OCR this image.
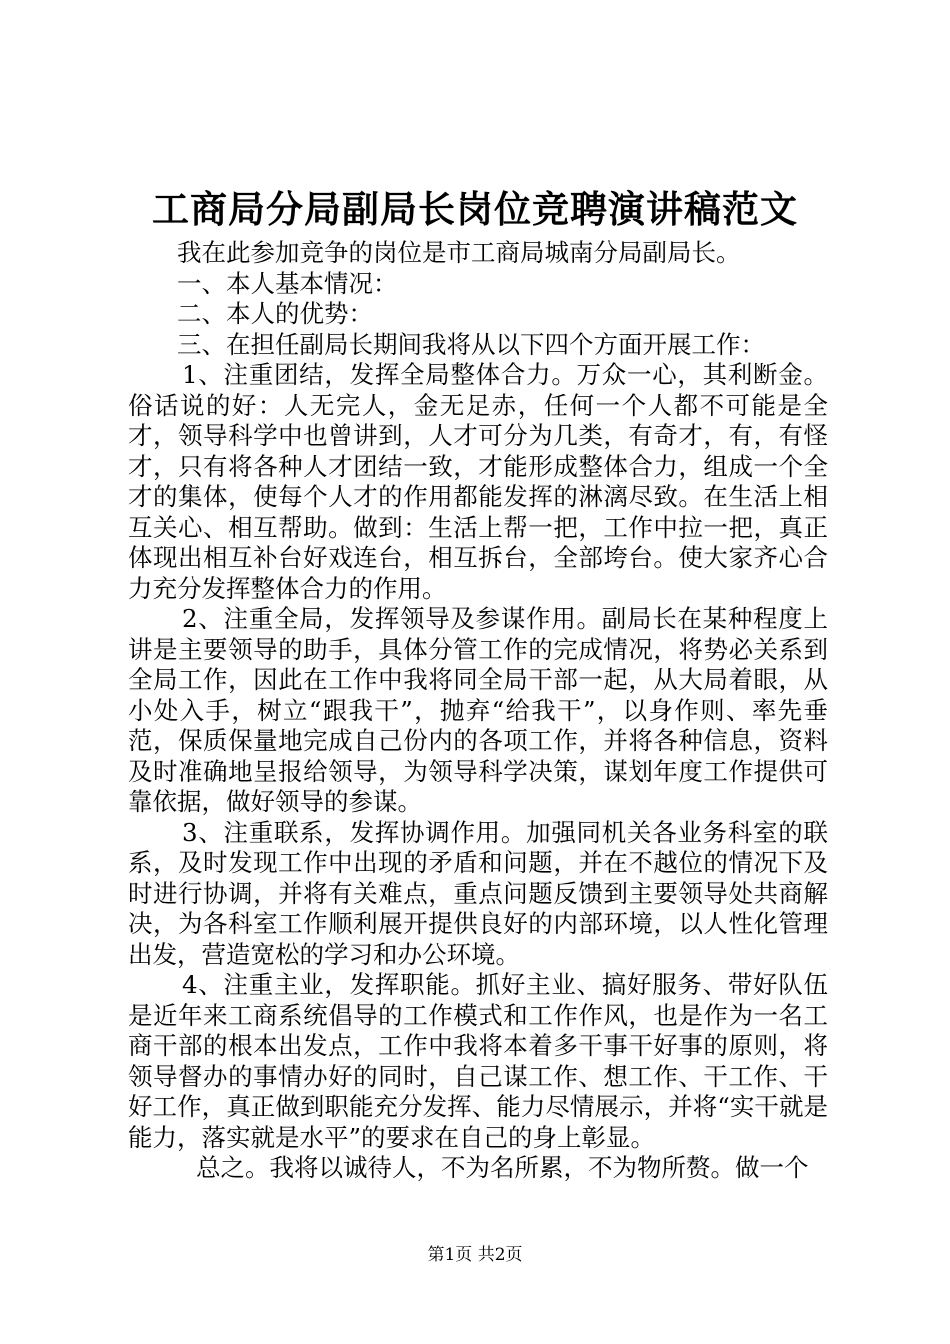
工商局分局副局长岗位竞聘演讲稿范文

我在此参加竞争的岗位是市工商局城南分局副局长。

一、本人基本情况：

二、本人的优势：

三、在担任副局长期间我将从以下四个方面开展工作：

1、注重团结，发挥全局整体合力。万众一心，其利断金。俗话说的好：人无完人，金无足赤，任何一个人都不可能是全才，领导科学中也曾讲到，人才可分为几类，有奇才，有，有怪才，只有将各种人才团结一致，才能形成整体合力，组成一个全才的集体，使每个人才的作用都能发挥的淋漓尽致。在生活上相互关心、相互帮助。做到：生活上帮一把，工作中拉一把，真正体现出相互补台好戏连台，相互拆台，全部垮台。使大家齐心合力充分发挥整体合力的作用。

2、注重全局，发挥领导及参谋作用。副局长在某种程度上讲是主要领导的助手，具体分管工作的完成情况，将势必关系到全局工作，因此在工作中我将同全局干部一起，从大局着眼，从小处入手，树立“跟我干”，抛弃“给我干”，以身作则、率先垂范，保质保量地完成自己份内的各项工作，并将各种信息，资料及时准确地呈报给领导，为领导科学决策，谋划年度工作提供可靠依据，做好领导的参谋。

3、注重联系，发挥协调作用。加强同机关各业务科室的联系，及时发现工作中出现的矛盾和问题，并在不越位的情况下及时进行协调，并将有关难点，重点问题反馈到主要领导处共商解决，为各科室工作顺利展开提供良好的内部环境，以人性化管理出发，营造宽松的学习和办公环境。

4、注重主业，发挥职能。抓好主业、搞好服务、带好队伍是近年来工商系统倡导的工作模式和工作作风，也是作为一名工商干部的根本出发点，工作中我将本着多干事干好事的原则，将领导督办的事情办好的同时，自己谋工作、想工作、干工作、干好工作，真正做到职能充分发挥、能力尽情展示，并将“实干就是能力，落实就是水平”的要求在自己的身上彰显。

总之。我将以诚待人，不为名所累，不为物所赘。做一个

第1页 共2页
